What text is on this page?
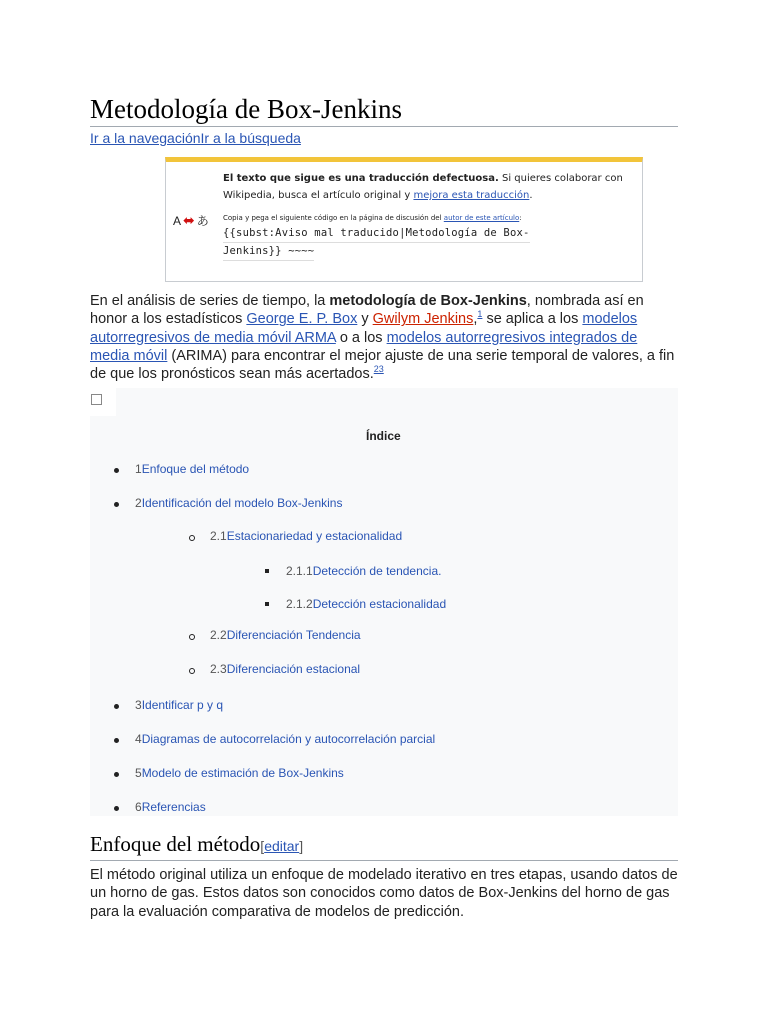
Metodología de Box-Jenkins
Ir a la navegaciónIr a la búsqueda
A ⬌ あ
El texto que sigue es una traducción defectuosa. Si quieres colaborar con Wikipedia, busca el artículo original y mejora esta traducción.
Copia y pega el siguiente código en la página de discusión del autor de este artículo: {{subst:Aviso mal traducido|Metodología de Box-
Jenkins}} ~~~~
En el análisis de series de tiempo, la metodología de Box-Jenkins, nombrada así en honor a los estadísticos George E. P. Box y Gwilym Jenkins,$^1$ se aplica a los modelos autorregresivos de media móvil ARMA o a los modelos autorregresivos integrados de media móvil (ARIMA) para encontrar el mejor ajuste de una serie temporal de valores, a fin de que los pronósticos sean más acertados.$^{23}$
Índice
1 Enfoque del método
2 Identificación del modelo Box-Jenkins
2.1 Estacionariedad y estacionalidad
2.1.1 Detección de tendencia.
2.1.2 Detección estacionalidad
2.2 Diferenciación Tendencia
2.3 Diferenciación estacional
3 Identificar p y q
4 Diagramas de autocorrelación y autocorrelación parcial
5 Modelo de estimación de Box-Jenkins
6 Referencias
Enfoque del método[editar]
El método original utiliza un enfoque de modelado iterativo en tres etapas, usando datos de un horno de gas. Estos datos son conocidos como datos de Box-Jenkins del horno de gas para la evaluación comparativa de modelos de predicción.
